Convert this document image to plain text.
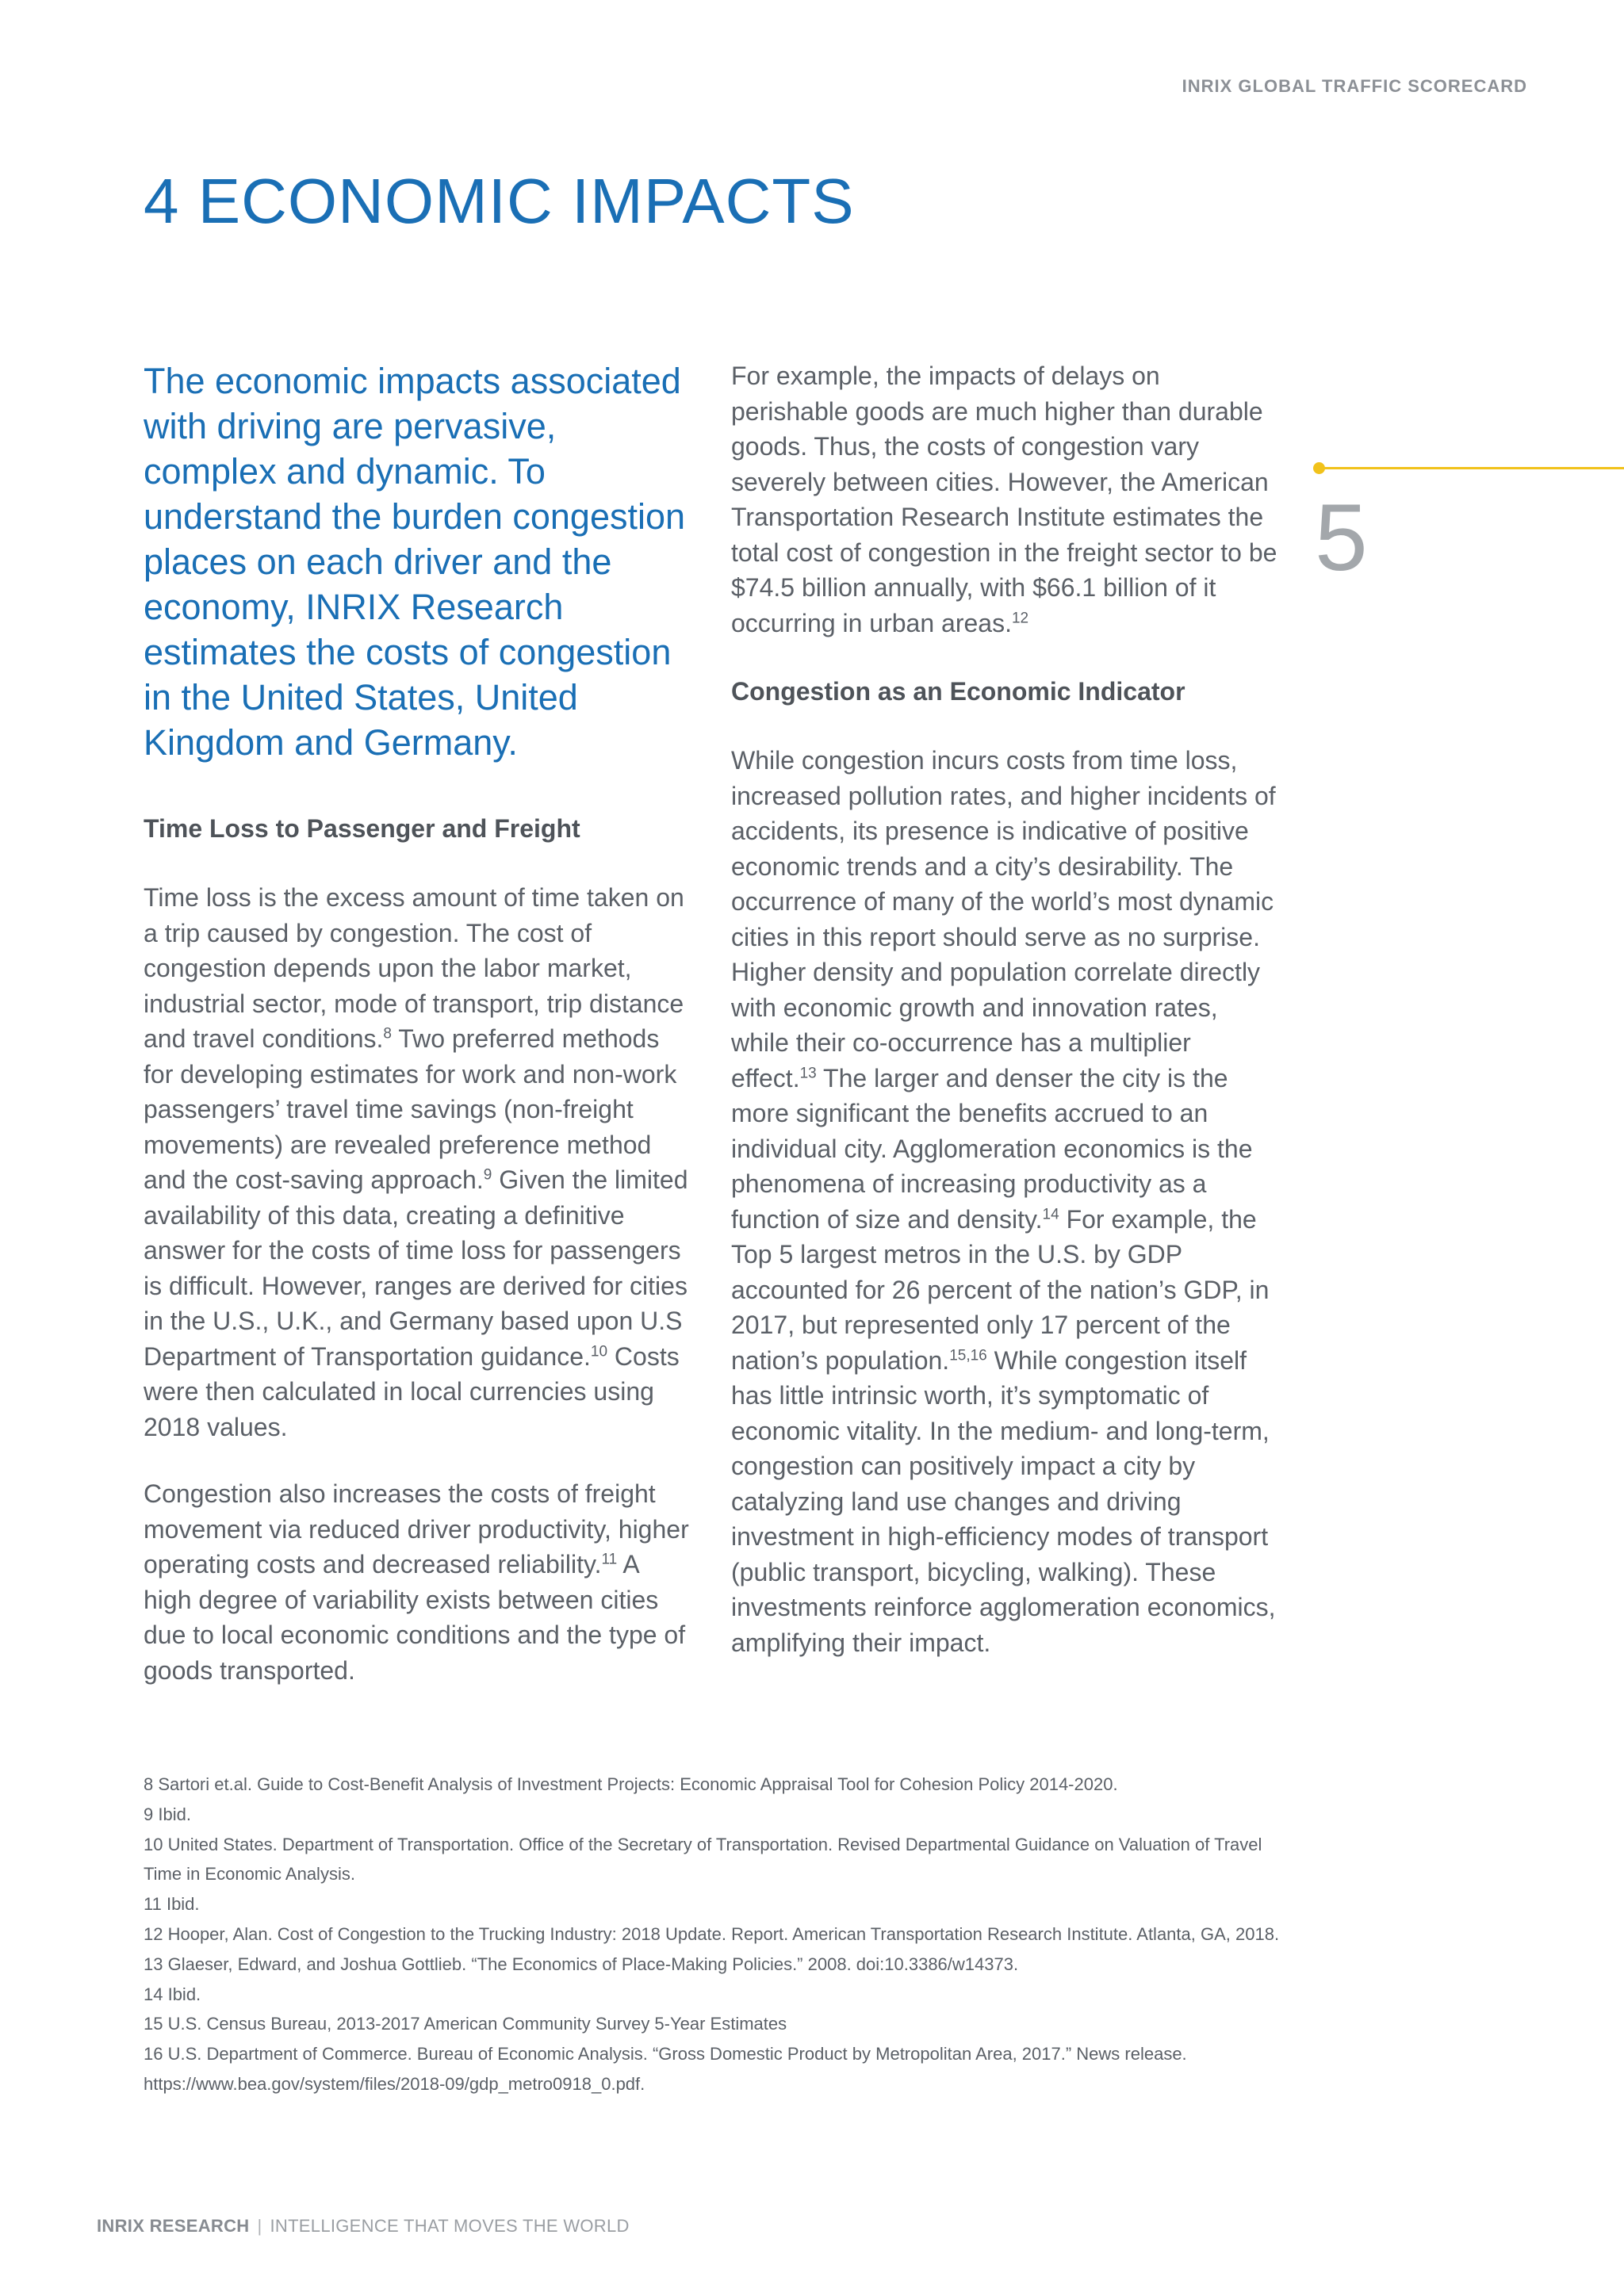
INRIX GLOBAL TRAFFIC SCORECARD
4 ECONOMIC IMPACTS
5

The economic impacts associated with driving are pervasive, complex and dynamic. To understand the burden congestion places on each driver and the economy, INRIX Research estimates the costs of congestion in the United States, United Kingdom and Germany.

Time Loss to Passenger and Freight

Time loss is the excess amount of time taken on a trip caused by congestion. The cost of congestion depends upon the labor market, industrial sector, mode of transport, trip distance and travel conditions.$^8$ Two preferred methods for developing estimates for work and non-work passengers’ travel time savings (non-freight movements) are revealed preference method and the cost-saving approach.$^9$ Given the limited availability of this data, creating a definitive answer for the costs of time loss for passengers is difficult. However, ranges are derived for cities in the U.S., U.K., and Germany based upon U.S Department of Transportation guidance.$^{10}$ Costs were then calculated in local currencies using 2018 values.

Congestion also increases the costs of freight movement via reduced driver productivity, higher operating costs and decreased reliability.$^{11}$ A high degree of variability exists between cities due to local economic conditions and the type of goods transported.

For example, the impacts of delays on perishable goods are much higher than durable goods. Thus, the costs of congestion vary severely between cities. However, the American Transportation Research Institute estimates the total cost of congestion in the freight sector to be $74.5 billion annually, with $66.1 billion of it occurring in urban areas.$^{12}$

Congestion as an Economic Indicator

While congestion incurs costs from time loss, increased pollution rates, and higher incidents of accidents, its presence is indicative of positive economic trends and a city’s desirability. The occurrence of many of the world’s most dynamic cities in this report should serve as no surprise. Higher density and population correlate directly with economic growth and innovation rates, while their co-occurrence has a multiplier effect.$^{13}$ The larger and denser the city is the more significant the benefits accrued to an individual city. Agglomeration economics is the phenomena of increasing productivity as a function of size and density.$^{14}$ For example, the Top 5 largest metros in the U.S. by GDP accounted for 26 percent of the nation’s GDP, in 2017, but represented only 17 percent of the nation’s population.$^{15,16}$ While congestion itself has little intrinsic worth, it’s symptomatic of economic vitality. In the medium- and long-term, congestion can positively impact a city by catalyzing land use changes and driving investment in high-efficiency modes of transport (public transport, bicycling, walking). These investments reinforce agglomeration economics, amplifying their impact.

8 Sartori et.al. Guide to Cost-Benefit Analysis of Investment Projects: Economic Appraisal Tool for Cohesion Policy 2014-2020.

9 Ibid.

10 United States. Department of Transportation. Office of the Secretary of Transportation. Revised Departmental Guidance on Valuation of Travel Time in Economic Analysis.

11 Ibid.

12 Hooper, Alan. Cost of Congestion to the Trucking Industry: 2018 Update. Report. American Transportation Research Institute. Atlanta, GA, 2018.

13 Glaeser, Edward, and Joshua Gottlieb. “The Economics of Place-Making Policies.” 2008. doi:10.3386/w14373.

14 Ibid.

15 U.S. Census Bureau, 2013-2017 American Community Survey 5-Year Estimates

16 U.S. Department of Commerce. Bureau of Economic Analysis. “Gross Domestic Product by Metropolitan Area, 2017.” News release. https://www.bea.gov/system/files/2018-09/gdp_metro0918_0.pdf.

INRIX RESEARCH | INTELLIGENCE THAT MOVES THE WORLD
